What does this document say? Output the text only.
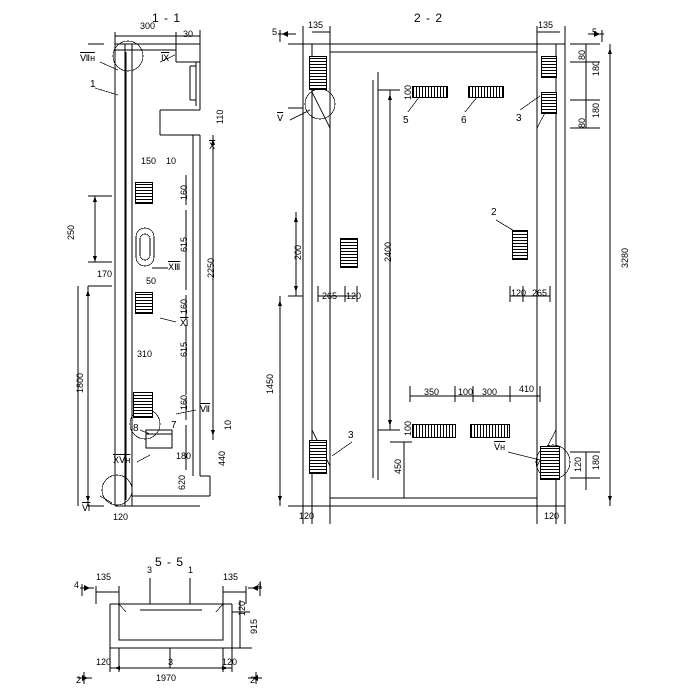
1 - 1	2 - 2
5 - 5
300
30
110
150 10
160
250
615
2250
170
50
160
310	615
1800
160
10
440
180
620
120
Ⅶн	$\overline{Ⅸ}$
$\overline{Ⅹ}$
$\overline{ⅩⅢ}$
$\overline{Ⅺ}$
$\overline{Ⅶ}$
ⅩⅤн
$\overline{Ⅵ}$
1
8	7
135	135
5	5
80
180
100
180
80
3280
200	2400
265 120	120 265
1450	350 100 300 410
100
450	120 180
120	120
$\overline{Ⅴ}$
Ⅴн
5	6	3
2
3
135	135
3	1
4	4
120
915
120	120
3
1970
2	2
